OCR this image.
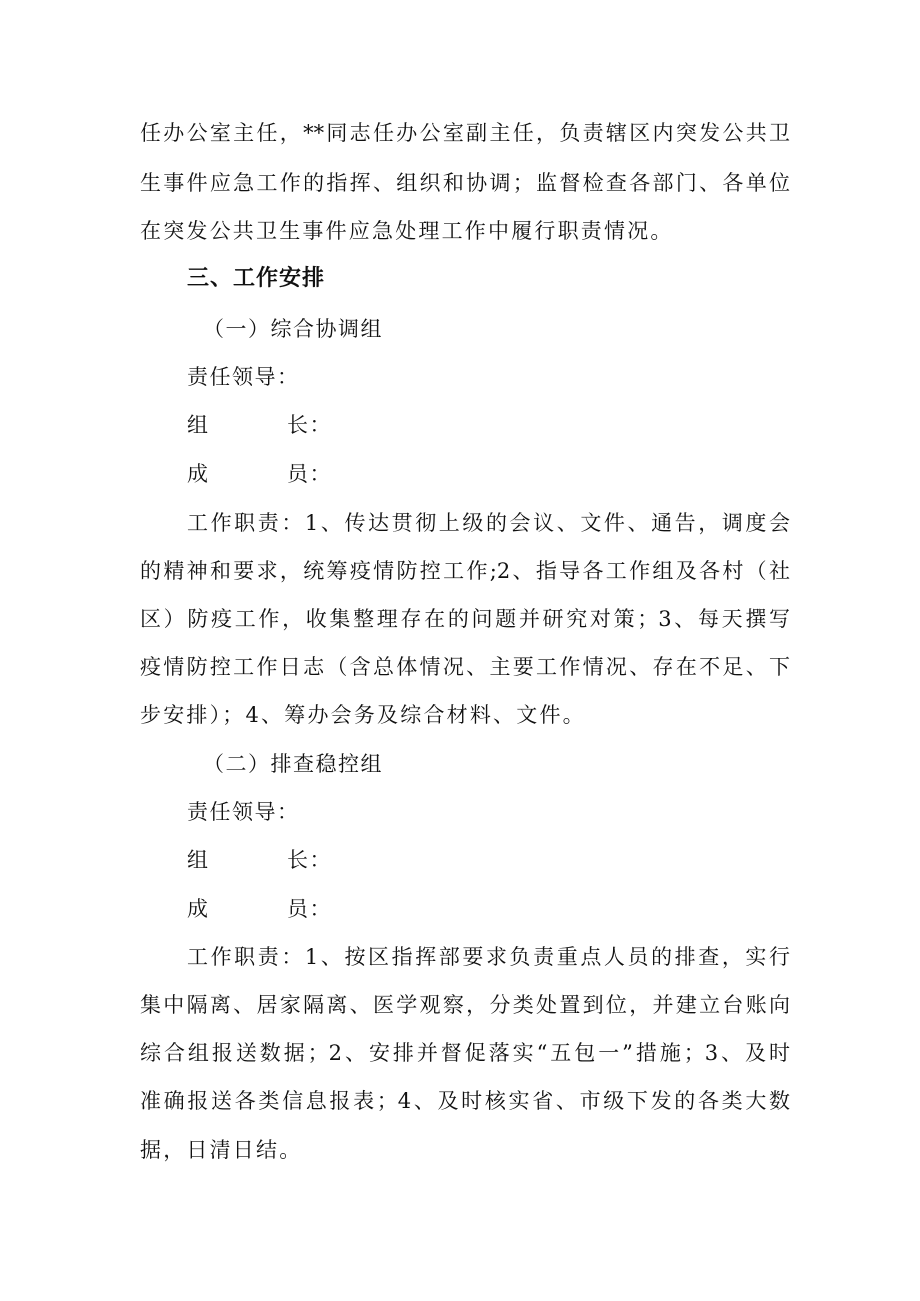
任办公室主任，**同志任办公室副主任，负责辖区内突发公共卫
生事件应急工作的指挥、组织和协调；监督检查各部门、各单位
在突发公共卫生事件应急处理工作中履行职责情况。
三、工作安排
（一）综合协调组
责任领导：
组	长：
成	员：
工作职责：1、传达贯彻上级的会议、文件、通告，调度会
的精神和要求，统筹疫情防控工作;2、指导各工作组及各村（社
区）防疫工作，收集整理存在的问题并研究对策；3、每天撰写
疫情防控工作日志（含总体情况、主要工作情况、存在不足、下
步安排）；4、筹办会务及综合材料、文件。
（二）排查稳控组
责任领导：
组	长：
成	员：
工作职责：1、按区指挥部要求负责重点人员的排查，实行
集中隔离、居家隔离、医学观察，分类处置到位，并建立台账向
综合组报送数据；2、安排并督促落实“五包一”措施；3、及时
准确报送各类信息报表；4、及时核实省、市级下发的各类大数
据，日清日结。
